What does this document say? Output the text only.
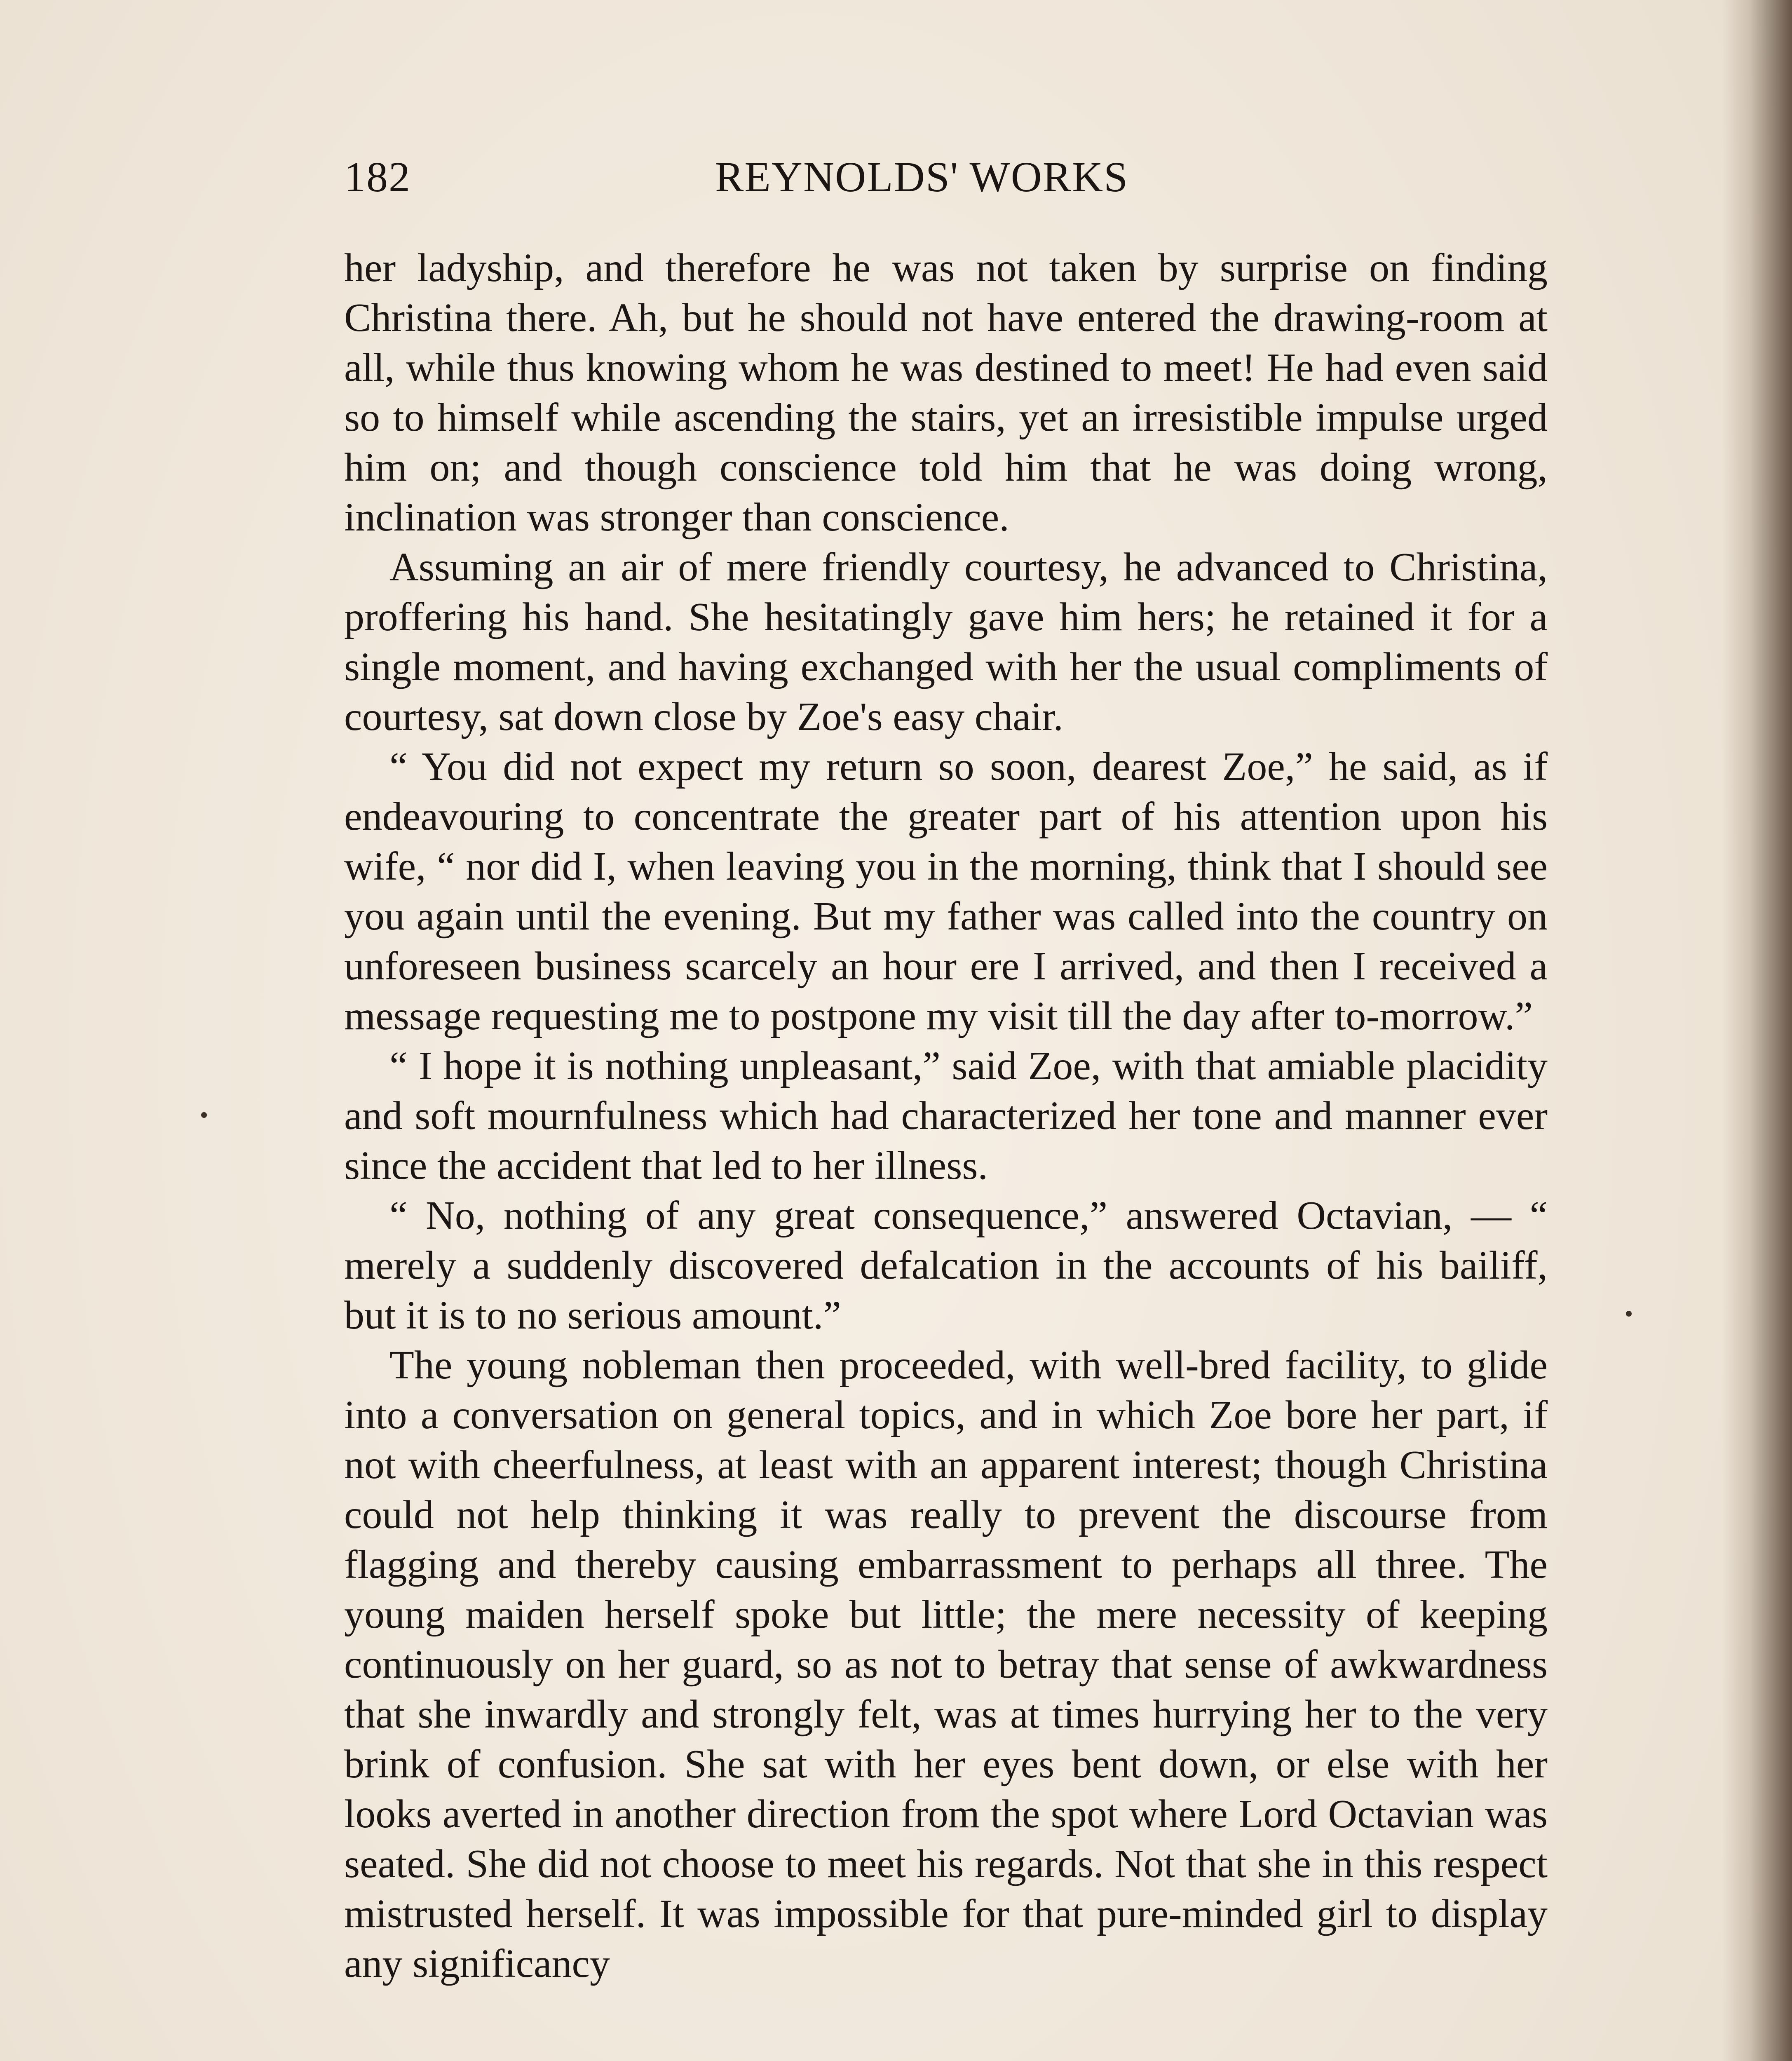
182	REYNOLDS' WORKS

her ladyship, and therefore he was not taken by surprise on finding Christina there. Ah, but he should not have entered the drawing-room at all, while thus knowing whom he was destined to meet! He had even said so to himself while ascending the stairs, yet an irresistible impulse urged him on; and though conscience told him that he was doing wrong, inclination was stronger than conscience.

Assuming an air of mere friendly courtesy, he advanced to Christina, proffering his hand. She hesitatingly gave him hers; he retained it for a single moment, and having exchanged with her the usual compliments of courtesy, sat down close by Zoe's easy chair.

“ You did not expect my return so soon, dearest Zoe,” he said, as if endeavouring to concentrate the greater part of his attention upon his wife, “ nor did I, when leaving you in the morning, think that I should see you again until the evening. But my father was called into the country on unforeseen business scarcely an hour ere I arrived, and then I received a message requesting me to postpone my visit till the day after to-morrow.”

“ I hope it is nothing unpleasant,” said Zoe, with that amiable placidity and soft mournfulness which had characterized her tone and manner ever since the accident that led to her illness.

“ No, nothing of any great consequence,” answered Octavian, — “ merely a suddenly discovered defalcation in the accounts of his bailiff, but it is to no serious amount.”

The young nobleman then proceeded, with well-bred facility, to glide into a conversation on general topics, and in which Zoe bore her part, if not with cheerfulness, at least with an apparent interest; though Christina could not help thinking it was really to prevent the discourse from flagging and thereby causing embarrassment to perhaps all three. The young maiden herself spoke but little; the mere necessity of keeping continuously on her guard, so as not to betray that sense of awkwardness that she inwardly and strongly felt, was at times hurrying her to the very brink of confusion. She sat with her eyes bent down, or else with her looks averted in another direction from the spot where Lord Octavian was seated. She did not choose to meet his regards. Not that she in this respect mistrusted herself. It was impossible for that pure-minded girl to display any significancy
